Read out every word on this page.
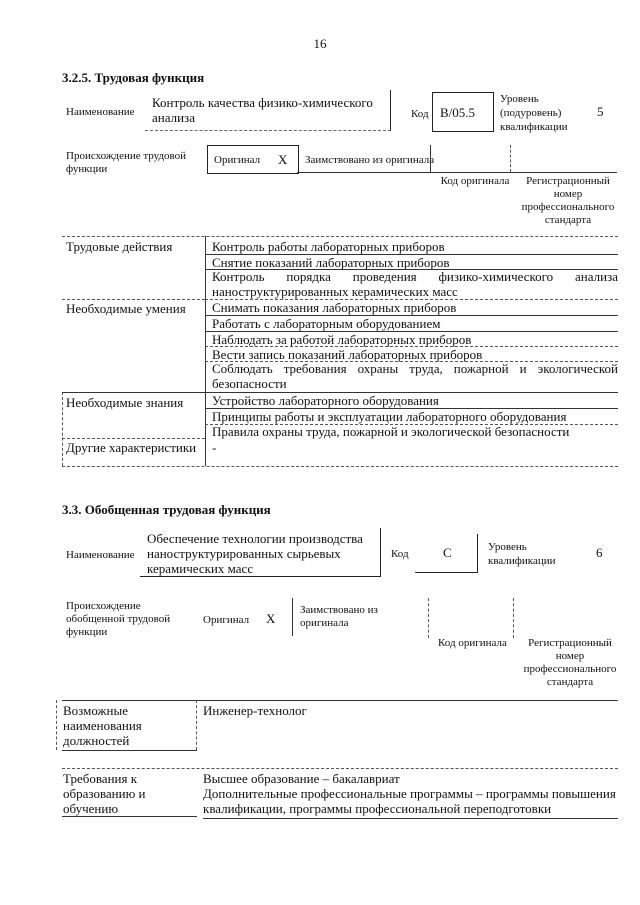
16
3.2.5. Трудовая функция
Наименование
Контроль качества физико-химического анализа	Код B/05.5
Уровень (подуровень) квалификации
5
Происхождение трудовой функции
Оригинал X Заимствовано из оригинала
Код оригинала	Регистрационный номер профессионального стандарта
Трудовые действия	Контроль работы лабораторных приборов
Снятие показаний лабораторных приборов
Контроль порядка проведения физико-химического анализа наноструктурированных керамических масс
Необходимые умения Снимать показания лабораторных приборов
Работать с лабораторным оборудованием
Наблюдать за работой лабораторных приборов
Вести запись показаний лабораторных приборов
Соблюдать требования охраны труда, пожарной и экологической безопасности
Необходимые знания Устройство лабораторного оборудования
Принципы работы и эксплуатации лабораторного оборудования
Правила охраны труда, пожарной и экологической безопасности
Другие характеристики -
3.3. Обобщенная трудовая функция
Наименование
Обеспечение технологии производства наноструктурированных сырьевых керамических масс
Код	C	Уровень квалификации
6
Происхождение обобщенной трудовой функции
Оригинал X
Заимствовано из оригинала
Код оригинала	Регистрационный номер профессионального стандарта
Возможные наименования должностей
Инженер-технолог
Требования к образованию и обучению
Высшее образование – бакалавриат
Дополнительные профессиональные программы – программы повышения квалификации, программы профессиональной переподготовки
